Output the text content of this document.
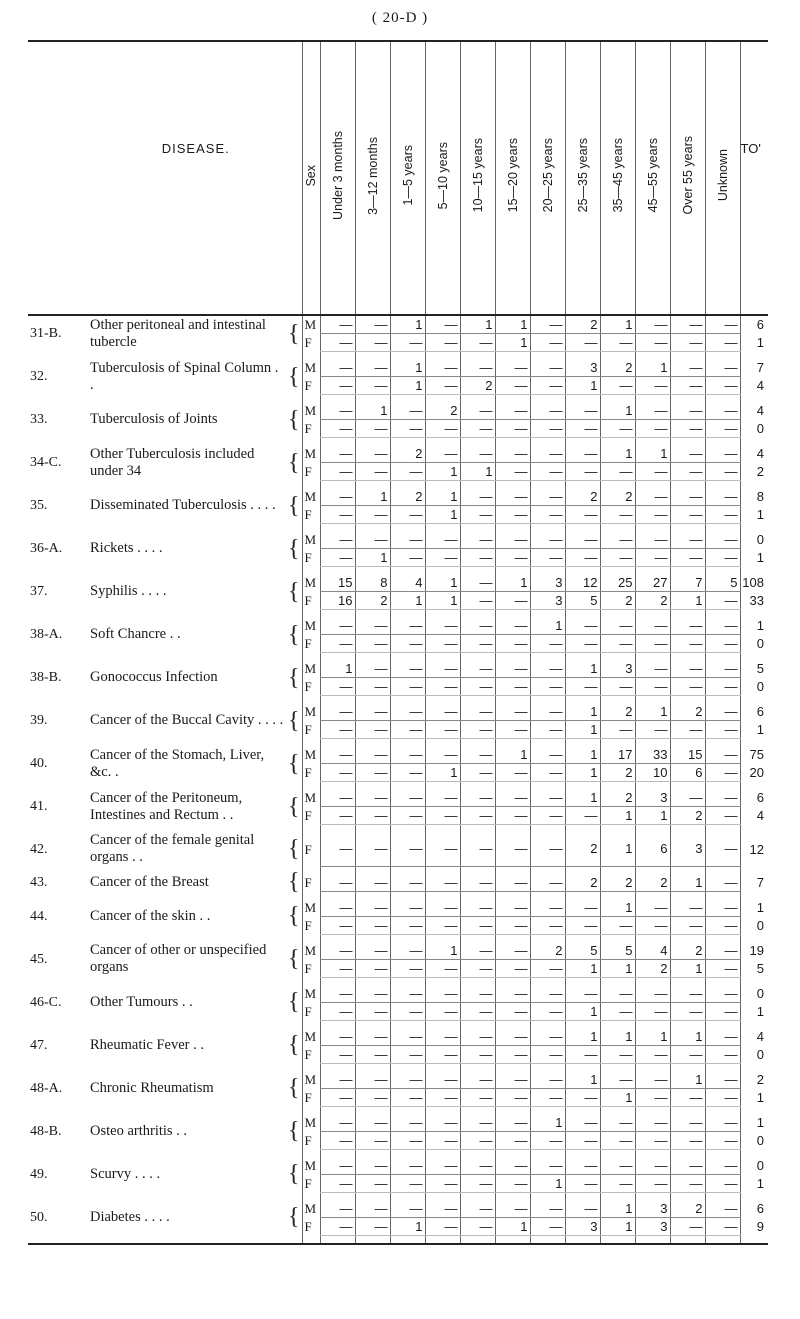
( 20-D )
	DISEASE.	Sex	Under 3 months	3—12 months	1—5 years	5—10 years	10—15 years	15—20 years	20—25 years	25—35 years	35—45 years	45—55 years	Over 55 years	Unknown	TO'
31-B.	Other peritoneal and intestinal tubercle {	M	—	—	1	—	1	1	—	2	1	—	—	—	6
		F	—	—	—	—	—	1	—	—	—	—	—	—	1

32.	Tuberculosis of Spinal Column . . {	M	—	—	1	—	—	—	—	3	2	1	—	—	7
		F	—	—	1	—	2	—	—	1	—	—	—	—	4

33.	Tuberculosis of Joints {	M	—	1	—	2	—	—	—	—	1	—	—	—	4
		F	—	—	—	—	—	—	—	—	—	—	—	—	0

34-C.	Other Tuberculosis included under 34 {	M	—	—	2	—	—	—	—	—	1	1	—	—	4
		F	—	—	—	1	1	—	—	—	—	—	—	—	2

35.	Disseminated Tuberculosis . . . . {	M	—	1	2	1	—	—	—	2	2	—	—	—	8
		F	—	—	—	1	—	—	—	—	—	—	—	—	1

36-A.	Rickets . . . . {	M	—	—	—	—	—	—	—	—	—	—	—	—	0
		F	—	1	—	—	—	—	—	—	—	—	—	—	1

37.	Syphilis . . . . {	M	15	8	4	1	—	1	3	12	25	27	7	5	108
		F	16	2	1	1	—	—	3	5	2	2	1	—	33

38-A.	Soft Chancre . . {	M	—	—	—	—	—	—	1	—	—	—	—	—	1
		F	—	—	—	—	—	—	—	—	—	—	—	—	0

38-B.	Gonococcus Infection {	M	1	—	—	—	—	—	—	1	3	—	—	—	5
		F	—	—	—	—	—	—	—	—	—	—	—	—	0

39.	Cancer of the Buccal Cavity . . . . {	M	—	—	—	—	—	—	—	1	2	1	2	—	6
		F	—	—	—	—	—	—	—	1	—	—	—	—	1

40.	Cancer of the Stomach, Liver, &c. . {	M	—	—	—	—	—	1	—	1	17	33	15	—	75
		F	—	—	—	1	—	—	—	1	2	10	6	—	20

41.	Cancer of the Peritoneum, Intestines and Rectum . . {	M	—	—	—	—	—	—	—	1	2	3	—	—	6
		F	—	—	—	—	—	—	—	—	1	1	2	—	4

42.	Cancer of the female genital organs . . {	F	—	—	—	—	—	—	—	2	1	6	3	—	12

43.	Cancer of the Breast {	F	—	—	—	—	—	—	—	2	2	2	1	—	7

44.	Cancer of the skin . . {	M	—	—	—	—	—	—	—	—	1	—	—	—	1
		F	—	—	—	—	—	—	—	—	—	—	—	—	0

45.	Cancer of other or unspecified organs {	M	—	—	—	1	—	—	2	5	5	4	2	—	19
		F	—	—	—	—	—	—	—	1	1	2	1	—	5

46-C.	Other Tumours . . {	M	—	—	—	—	—	—	—	—	—	—	—	—	0
		F	—	—	—	—	—	—	—	1	—	—	—	—	1

47.	Rheumatic Fever . . {	M	—	—	—	—	—	—	—	1	1	1	1	—	4
		F	—	—	—	—	—	—	—	—	—	—	—	—	0

48-A.	Chronic Rheumatism {	M	—	—	—	—	—	—	—	1	—	—	1	—	2
		F	—	—	—	—	—	—	—	—	1	—	—	—	1

48-B.	Osteo arthritis . . {	M	—	—	—	—	—	—	1	—	—	—	—	—	1
		F	—	—	—	—	—	—	—	—	—	—	—	—	0

49.	Scurvy . . . . {	M	—	—	—	—	—	—	—	—	—	—	—	—	0
		F	—	—	—	—	—	—	1	—	—	—	—	—	1

50.	Diabetes . . . . {	M	—	—	—	—	—	—	—	—	1	3	2	—	6
		F	—	—	1	—	—	1	—	3	1	3	—	—	9
